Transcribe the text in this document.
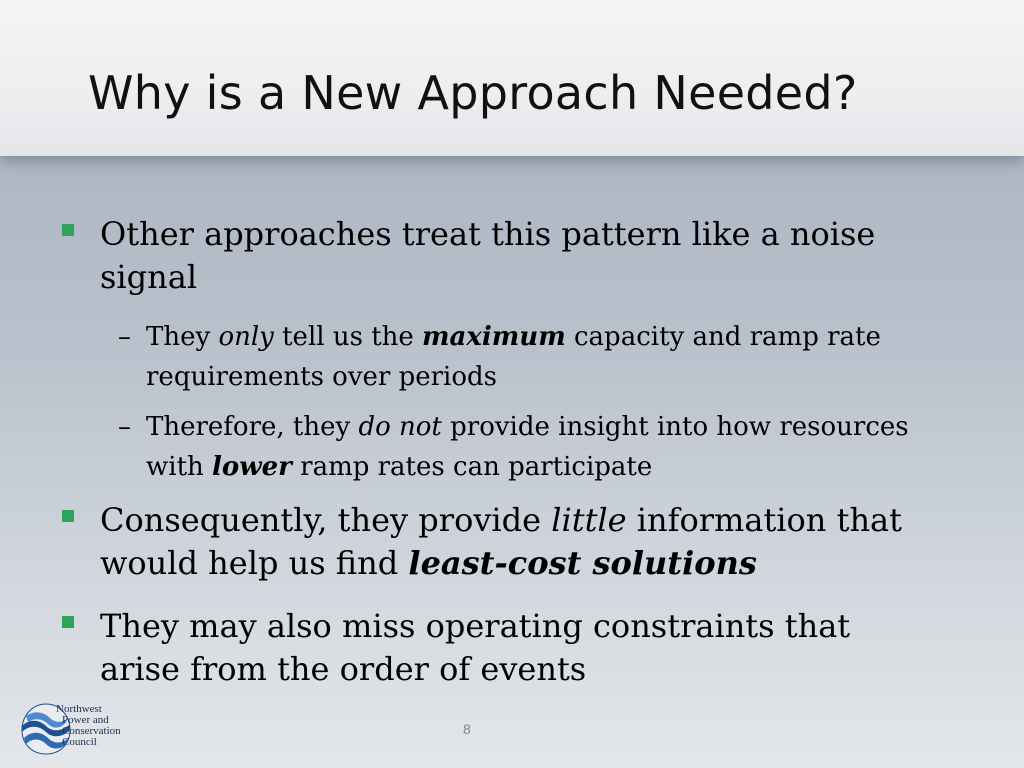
Why is a New Approach Needed?
Other approaches treat this pattern like a noise signal
– They only tell us the maximum capacity and ramp rate requirements over periods
– Therefore, they do not provide insight into how resources with lower ramp rates can participate
Consequently, they provide little information that would help us find least-cost solutions
They may also miss operating constraints that arise from the order of events
8
Northwest
Power and
Conservation
Council
